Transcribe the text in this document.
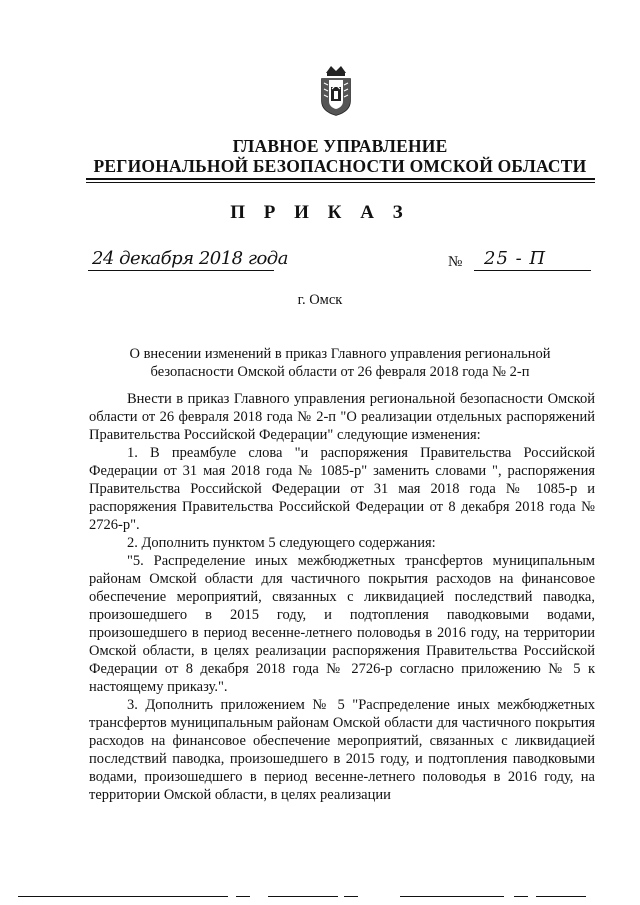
ГЛАВНОЕ УПРАВЛЕНИЕ
РЕГИОНАЛЬНОЙ БЕЗОПАСНОСТИ ОМСКОЙ ОБЛАСТИ
П Р И К А З
24 декабря 2018 года	№ 25 - П
г. Омск
О внесении изменений в приказ Главного управления региональной безопасности Омской области от 26 февраля 2018 года № 2-п

Внести в приказ Главного управления региональной безопасности Омской области от 26 февраля 2018 года № 2-п "О реализации отдельных распоряжений Правительства Российской Федерации" следующие изменения:

1. В преамбуле слова "и распоряжения Правительства Российской Федерации от 31 мая 2018 года № 1085-р" заменить словами ", распоряжения Правительства Российской Федерации от 31 мая 2018 года № 1085-р и распоряжения Правительства Российской Федерации от 8 декабря 2018 года № 2726-р".

2. Дополнить пунктом 5 следующего содержания:

"5. Распределение иных межбюджетных трансфертов муниципальным районам Омской области для частичного покрытия расходов на финансовое обеспечение мероприятий, связанных с ликвидацией последствий паводка, произошедшего в 2015 году, и подтопления паводковыми водами, произошедшего в период весенне-летнего половодья в 2016 году, на территории Омской области, в целях реализации распоряжения Правительства Российской Федерации от 8 декабря 2018 года № 2726-р согласно приложению № 5 к настоящему приказу.".

3. Дополнить приложением № 5 "Распределение иных межбюджетных трансфертов муниципальным районам Омской области для частичного покрытия расходов на финансовое обеспечение мероприятий, связанных с ликвидацией последствий паводка, произошедшего в 2015 году, и подтопления паводковыми водами, произошедшего в период весенне-летнего половодья в 2016 году, на территории Омской области, в целях реализации
